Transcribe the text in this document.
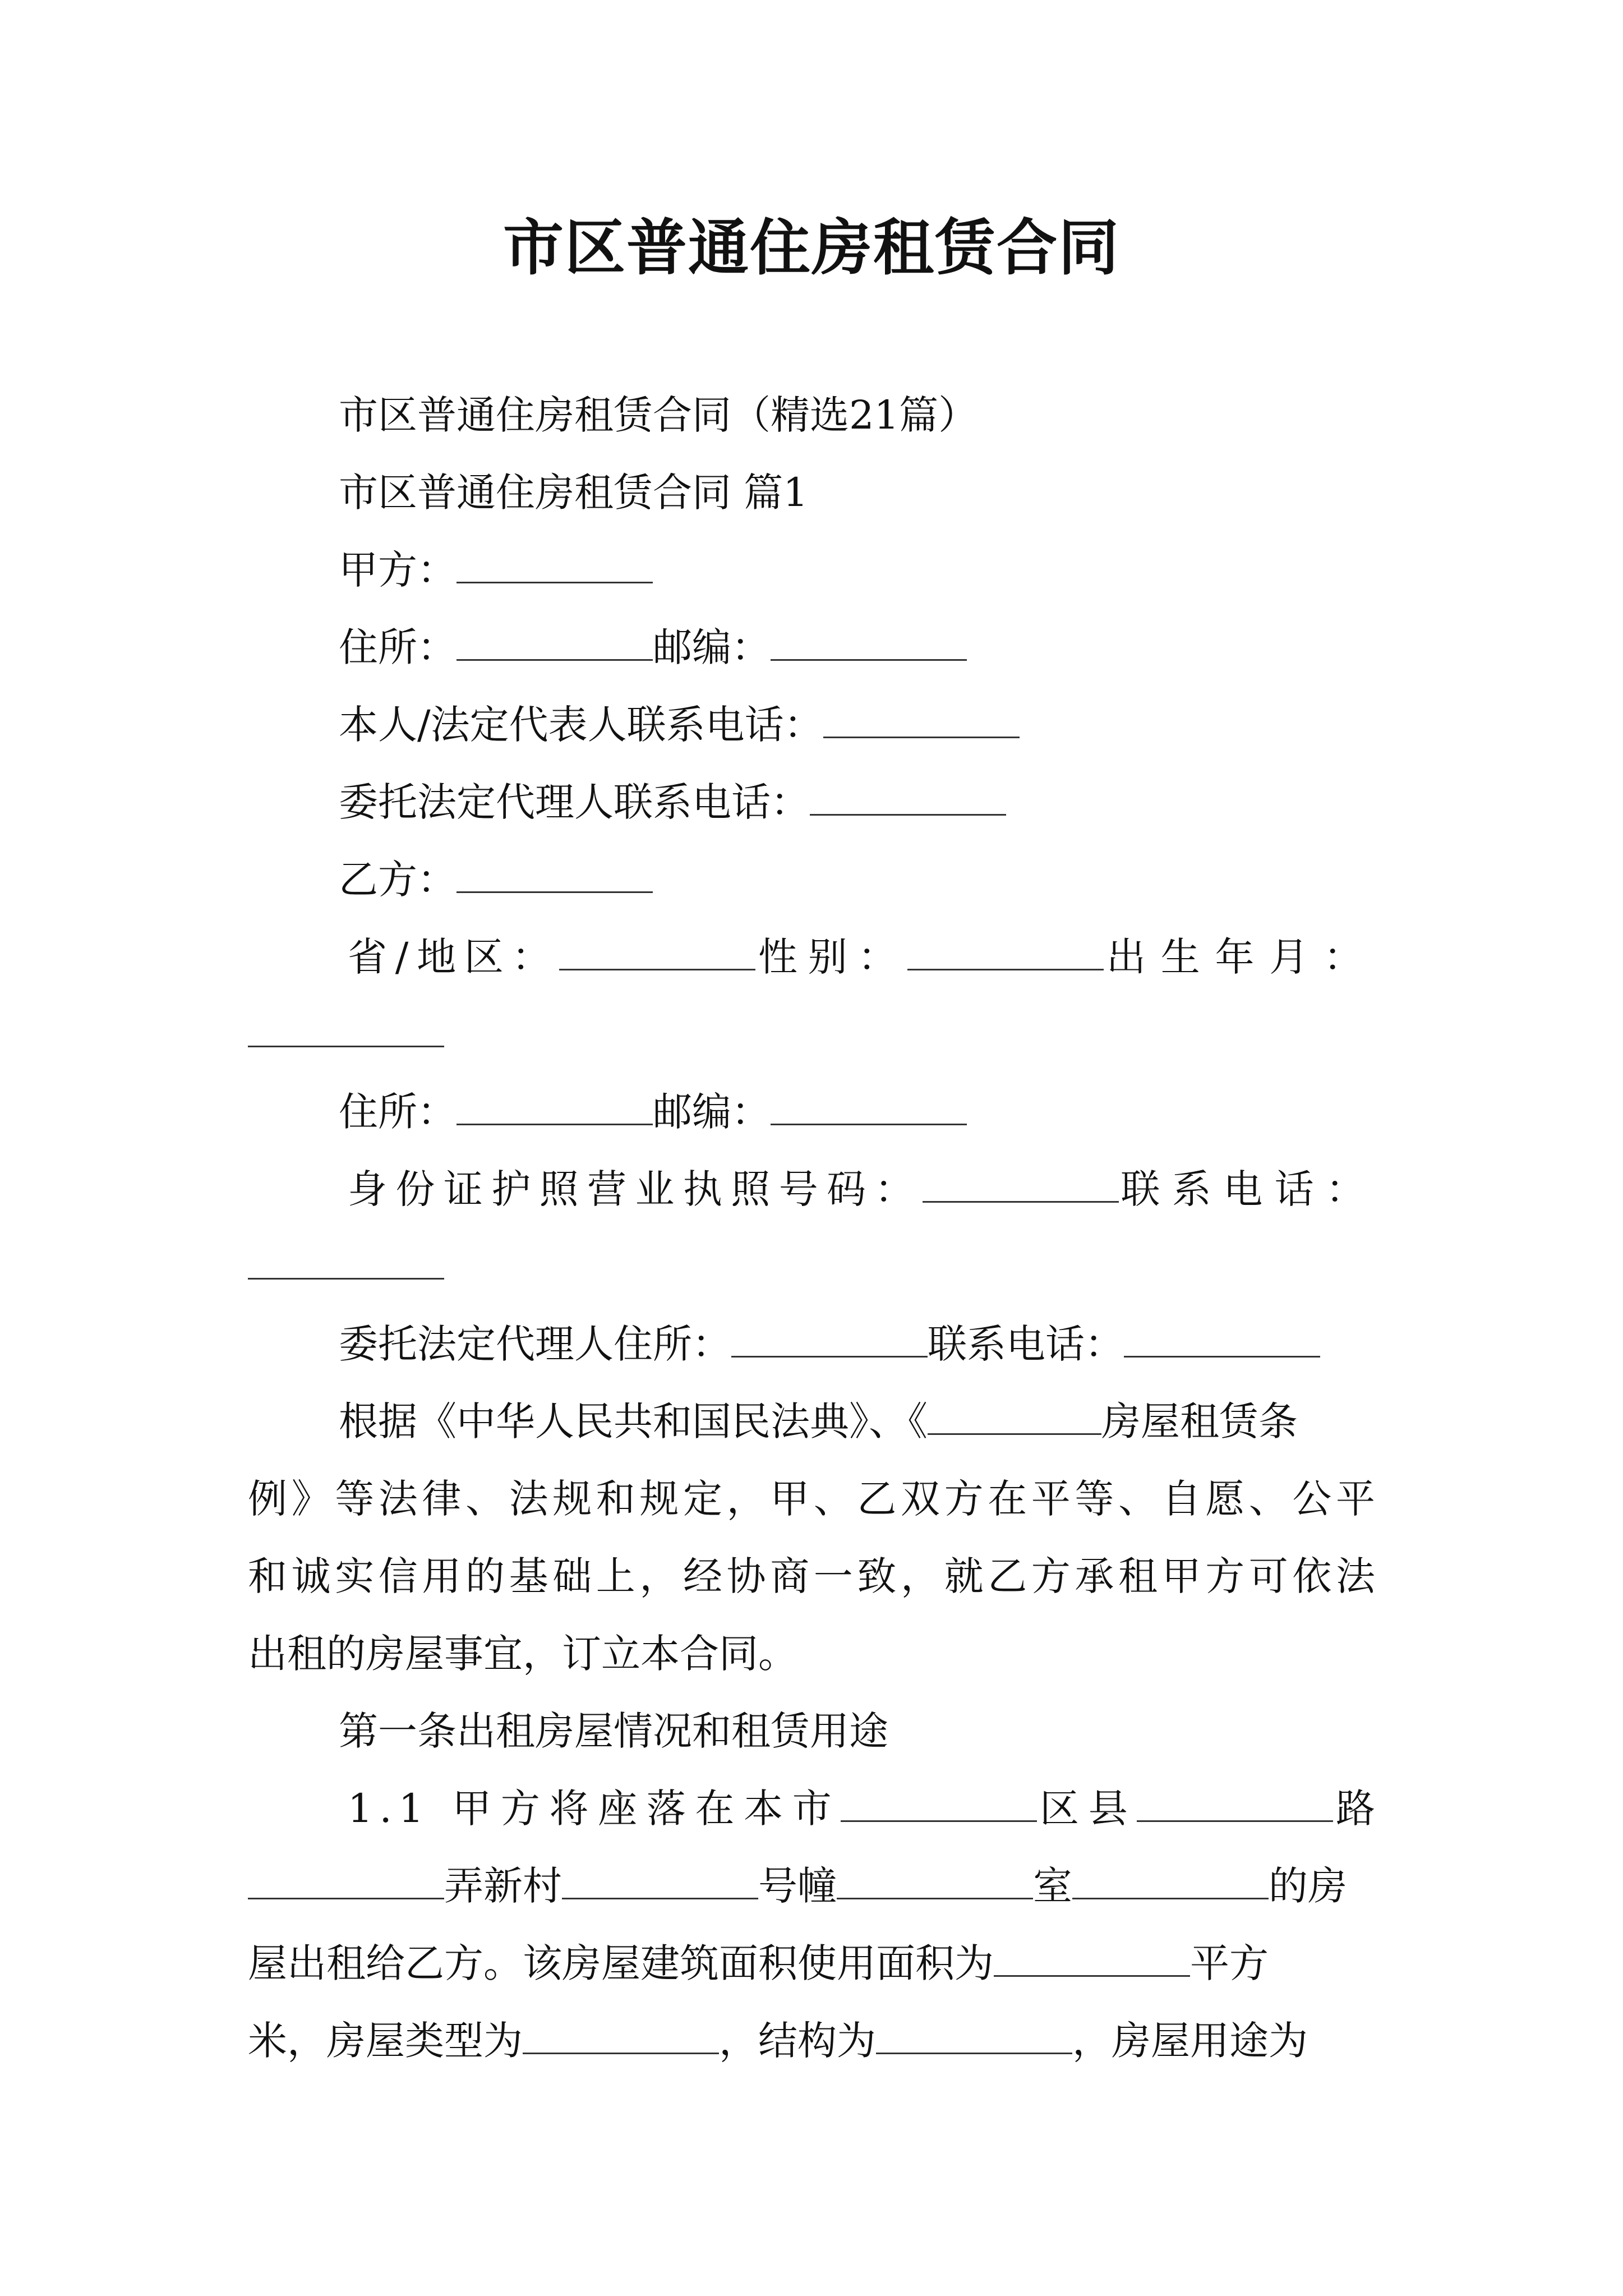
市区普通住房租赁合同
市区普通住房租赁合同（精选21篇）
市区普通住房租赁合同 篇1
甲方：
住所：	邮编：
本人/法定代表人联系电话：
委托法定代理人联系电话：
乙方：
省/地区：	性别：	出生年月：
住所：	邮编：
身份证护照营业执照号码：	联系电话：
委托法定代理人住所：	联系电话：
根据《中华人民共和国民法典》、《	房屋租赁条
例》等法律、法规和规定，甲、乙双方在平等、自愿、公平
和诚实信用的基础上，经协商一致，就乙方承租甲方可依法
出租的房屋事宜，订立本合同。
第一条出租房屋情况和租赁用途
1.1 甲方将座落在本市	区县	路
弄新村	号幢	室	的房
屋出租给乙方。该房屋建筑面积使用面积为	平方
米，房屋类型为	，结构为	，房屋用途为
